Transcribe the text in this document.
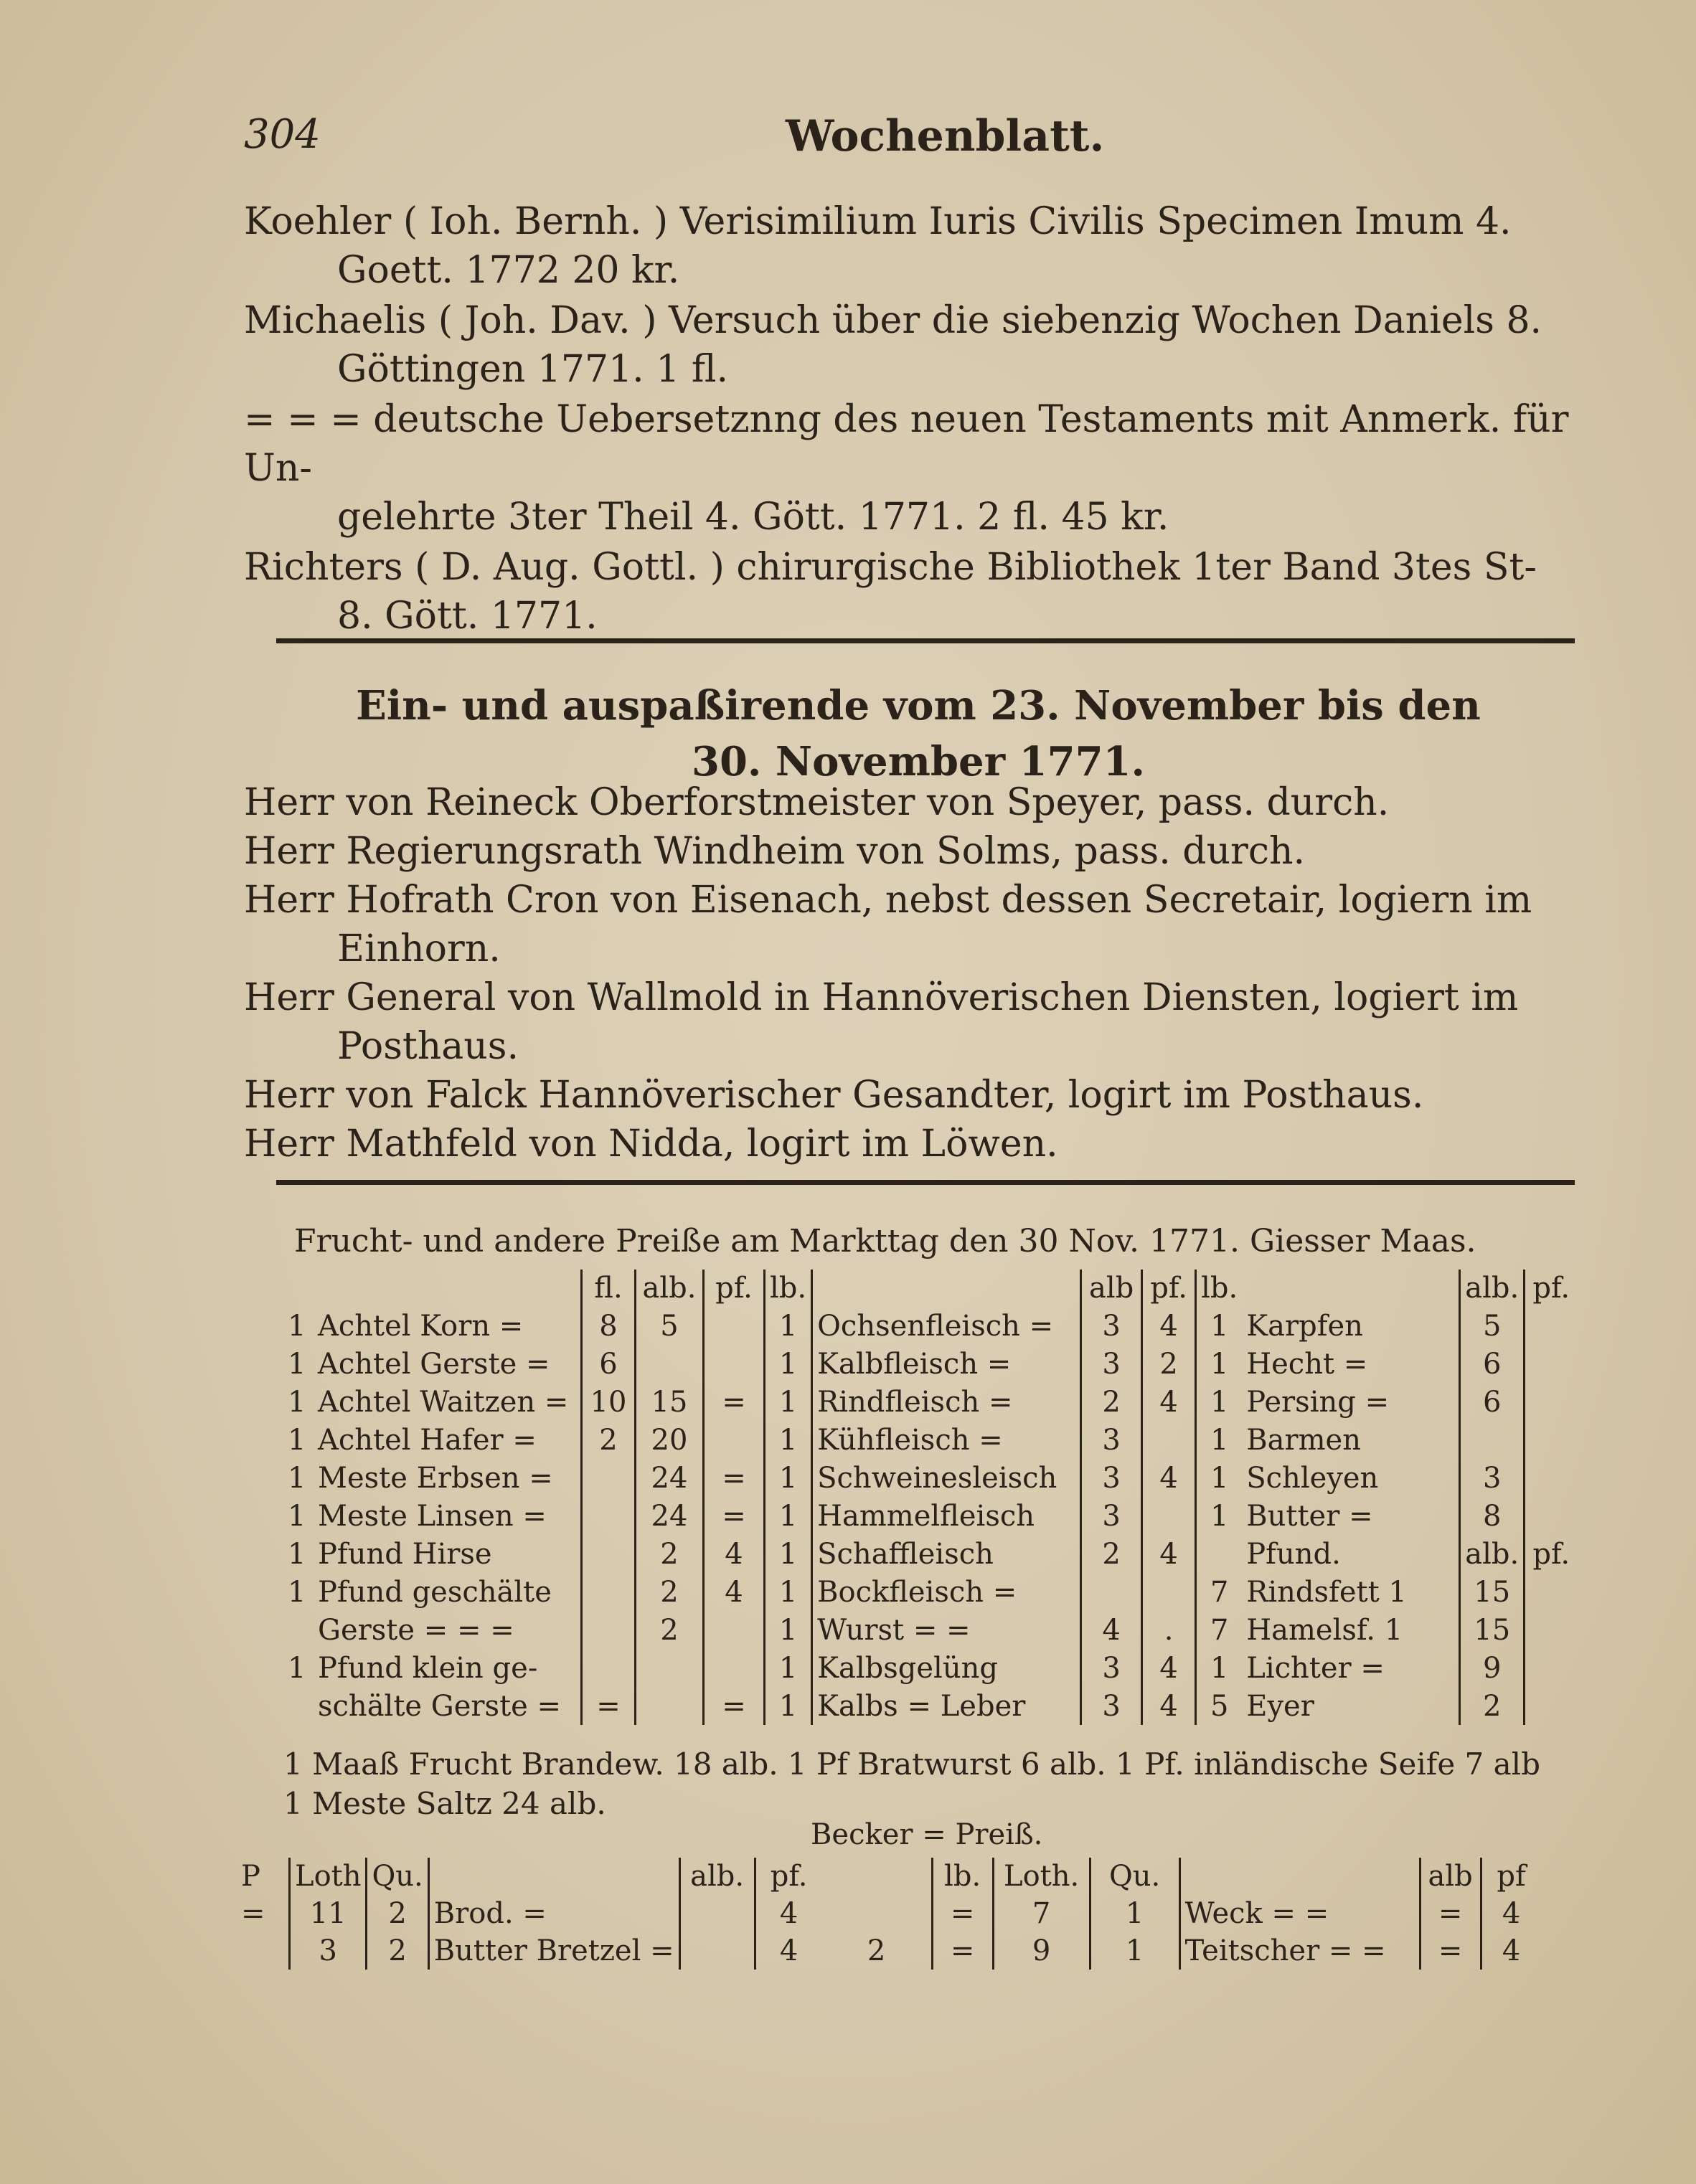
304	Wochenblatt.
Koehler ( Ioh. Bernh. ) Verisimilium Iuris Civilis Specimen Imum 4.
Goett. 1772 20 kr.
Michaelis ( Joh. Dav. ) Versuch über die siebenzig Wochen Daniels 8.
Göttingen 1771. 1 fl.
= = = deutsche Uebersetznng des neuen Testaments mit Anmerk. für Un-
gelehrte 3ter Theil 4. Gött. 1771. 2 fl. 45 kr.
Richters ( D. Aug. Gottl. ) chirurgische Bibliothek 1ter Band 3tes St-
8. Gött. 1771.
Ein- und auspaßirende vom 23. November bis den
30. November 1771.
Herr von Reineck Oberforstmeister von Speyer, pass. durch.
Herr Regierungsrath Windheim von Solms, pass. durch.
Herr Hofrath Cron von Eisenach, nebst dessen Secretair, logiern im
Einhorn.
Herr General von Wallmold in Hannöverischen Diensten, logiert im
Posthaus.
Herr von Falck Hannöverischer Gesandter, logirt im Posthaus.
Herr Mathfeld von Nidda, logirt im Löwen.
Frucht- und andere Preiße am Markttag den 30 Nov. 1771. Giesser Maas.
		fl.	alb.	pf.	lb.		alb	pf.	lb.		alb.	pf.
1	Achtel Korn =	8	5		1	Ochsenfleisch =	3	4	1	Karpfen	5	
1	Achtel Gerste =	6			1	Kalbfleisch =	3	2	1	Hecht =	6	
1	Achtel Waitzen =	10	15	=	1	Rindfleisch =	2	4	1	Persing =	6	
1	Achtel Hafer =	2	20		1	Kühfleisch =	3		1	Barmen		
1	Meste Erbsen =		24	=	1	Schweinesleisch	3	4	1	Schleyen	3	
1	Meste Linsen =		24	=	1	Hammelfleisch	3		1	Butter =	8	
1	Pfund Hirse		2	4	1	Schaffleisch	2	4		Pfund.	alb.	pf.
1	Pfund geschälte		2	4	1	Bockfleisch =			7	Rindsfett 1	15	
	Gerste = = =		2		1	Wurst = =	4	.	7	Hamelsf. 1	15	
1	Pfund klein ge-				1	Kalbsgelüng	3	4	1	Lichter =	9	
	schälte Gerste =	=		=	1	Kalbs = Leber	3	4	5	Eyer	2	
1 Maaß Frucht Brandew. 18 alb. 1 Pf Bratwurst 6 alb. 1 Pf. inländische Seife 7 alb
1 Meste Saltz 24 alb.
Becker = Preiß.
P	Loth	Qu.		alb.	pf.		lb.	Loth.	Qu.		alb	pf
=	11	2	Brod. =		4		=	7	1	Weck = =	=	4
	3	2	Butter Bretzel =		4	2	=	9	1	Teitscher = =	=	4
